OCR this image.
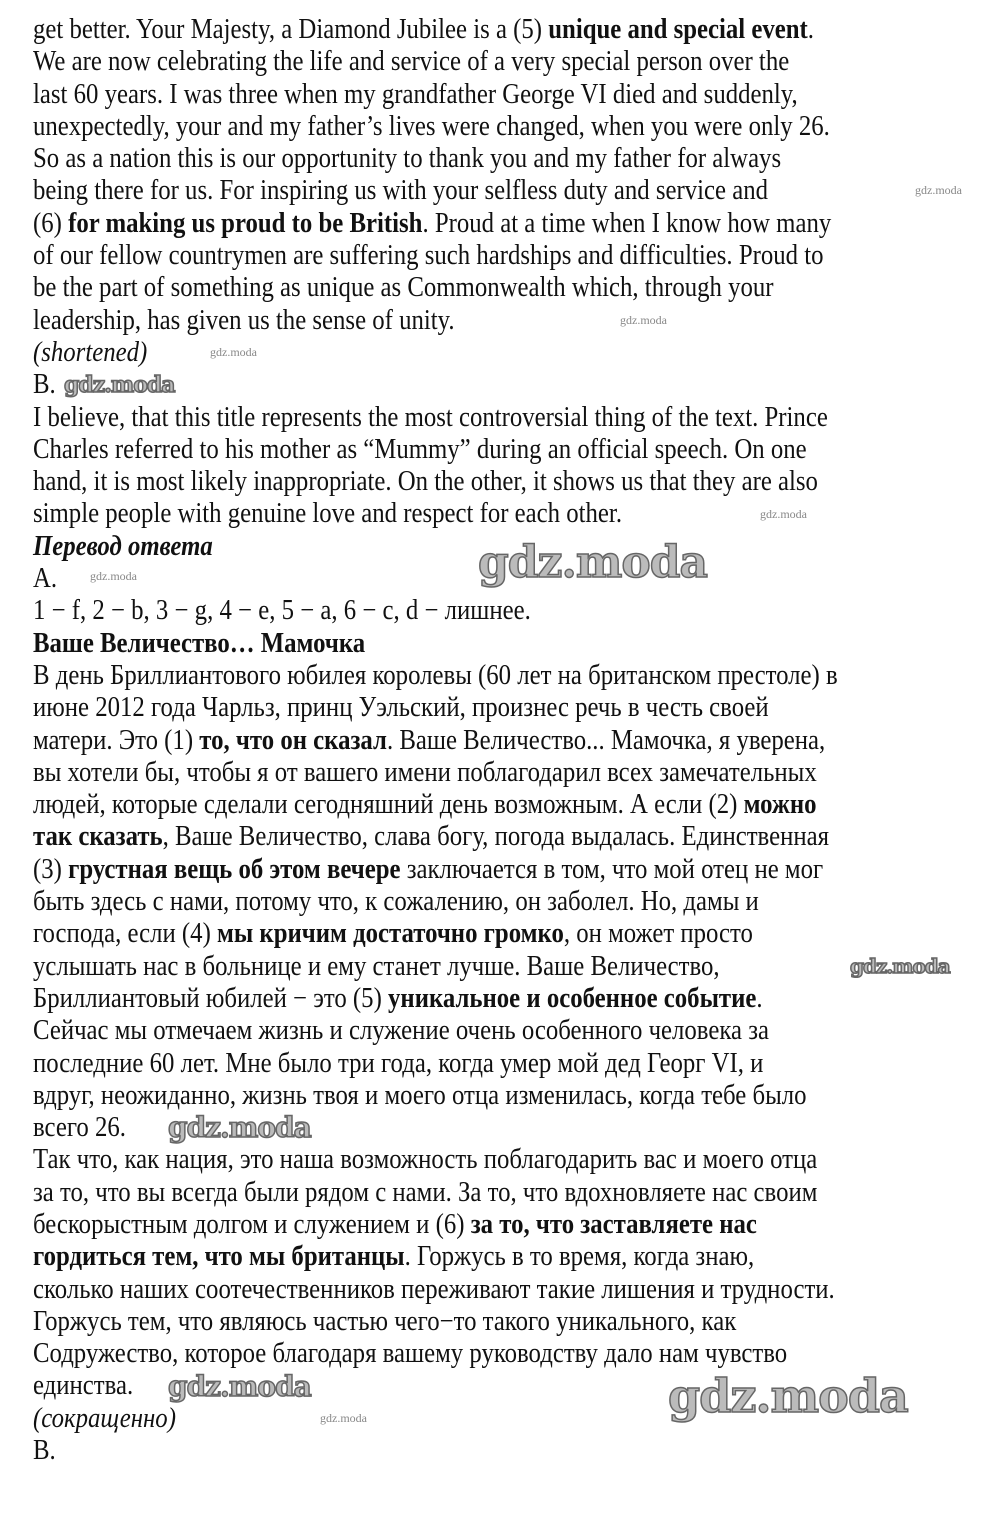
get better. Your Majesty, a Diamond Jubilee is a (5) unique and special event.
We are now celebrating the life and service of a very special person over the
last 60 years. I was three when my grandfather George VI died and suddenly,
unexpectedly, your and my father’s lives were changed, when you were only 26.
So as a nation this is our opportunity to thank you and my father for always
being there for us. For inspiring us with your selfless duty and service and
(6) for making us proud to be British. Proud at a time when I know how many
of our fellow countrymen are suffering such hardships and difficulties. Proud to
be the part of something as unique as Commonwealth which, through your
leadership, has given us the sense of unity.
(shortened)
B.
I believe, that this title represents the most controversial thing of the text. Prince
Charles referred to his mother as “Mummy” during an official speech. On one
hand, it is most likely inappropriate. On the other, it shows us that they are also
simple people with genuine love and respect for each other.
Перевод ответа
A.
1 − f, 2 − b, 3 − g, 4 − e, 5 − a, 6 − c, d − лишнее.
Ваше Величество… Мамочка
В день Бриллиантового юбилея королевы (60 лет на британском престоле) в
июне 2012 года Чарльз, принц Уэльский, произнес речь в честь своей
матери. Это (1) то, что он сказал. Ваше Величество... Мамочка, я уверена,
вы хотели бы, чтобы я от вашего имени поблагодарил всех замечательных
людей, которые сделали сегодняшний день возможным. А если (2) можно
так сказать, Ваше Величество, слава богу, погода выдалась. Единственная
(3) грустная вещь об этом вечере заключается в том, что мой отец не мог
быть здесь с нами, потому что, к сожалению, он заболел. Но, дамы и
господа, если (4) мы кричим достаточно громко, он может просто
услышать нас в больнице и ему станет лучше. Ваше Величество,
Бриллиантовый юбилей − это (5) уникальное и особенное событие.
Сейчас мы отмечаем жизнь и служение очень особенного человека за
последние 60 лет. Мне было три года, когда умер мой дед Георг VI, и
вдруг, неожиданно, жизнь твоя и моего отца изменилась, когда тебе было
всего 26.
Так что, как нация, это наша возможность поблагодарить вас и моего отца
за то, что вы всегда были рядом с нами. За то, что вдохновляете нас своим
бескорыстным долгом и служением и (6) за то, что заставляете нас
гордиться тем, что мы британцы. Горжусь в то время, когда знаю,
сколько наших соотечественников переживают такие лишения и трудности.
Горжусь тем, что являюсь частью чего−то такого уникального, как
Содружество, которое благодаря вашему руководству дало нам чувство
единства.
(сокращенно)
B.
gdz.moda
gdz.moda
gdz.moda
gdz.moda
gdz.moda
gdz.moda
gdz.moda
gdz.moda
gdz.moda
gdz.moda
gdz.moda	gdz.moda
